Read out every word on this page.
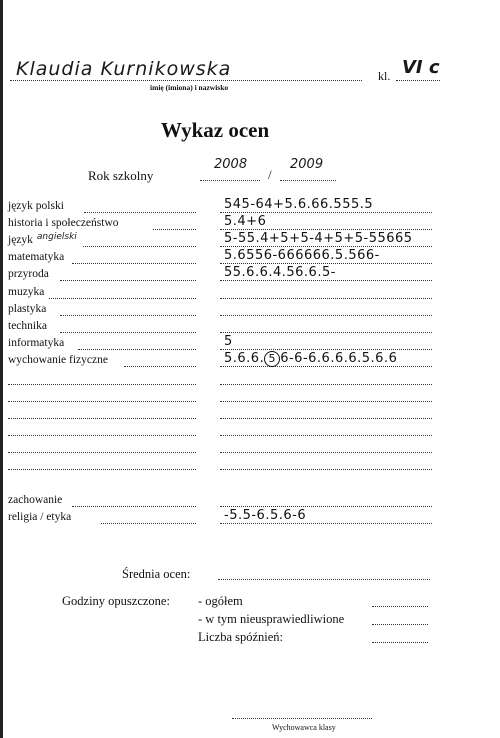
Klaudia Kurnikowska
imię (imiona) i nazwisko
kl. VI c
Wykaz ocen
Rok szkolny
2008
/
2009
język polski	545-64+5.6.66.555.5
historia i społeczeństwo	5.4+6
język $^{angielski}$	5-55.4+5+5-4+5+5-55665
matematyka	5.6556-666666.5.566-
przyroda	55.6.6.4.56.6.5-
muzyka
plastyka
technika
informatyka	5
wychowanie fizyczne	5.6.6. 5 6-6-6.6.6.6.5.6.6
zachowanie
religia / etyka	-5.5-6.5.6-6
Średnia ocen:
Godziny opuszczone: - ogółem
- w tym nieusprawiedliwione
Liczba spóźnień:
Wychowawca klasy
